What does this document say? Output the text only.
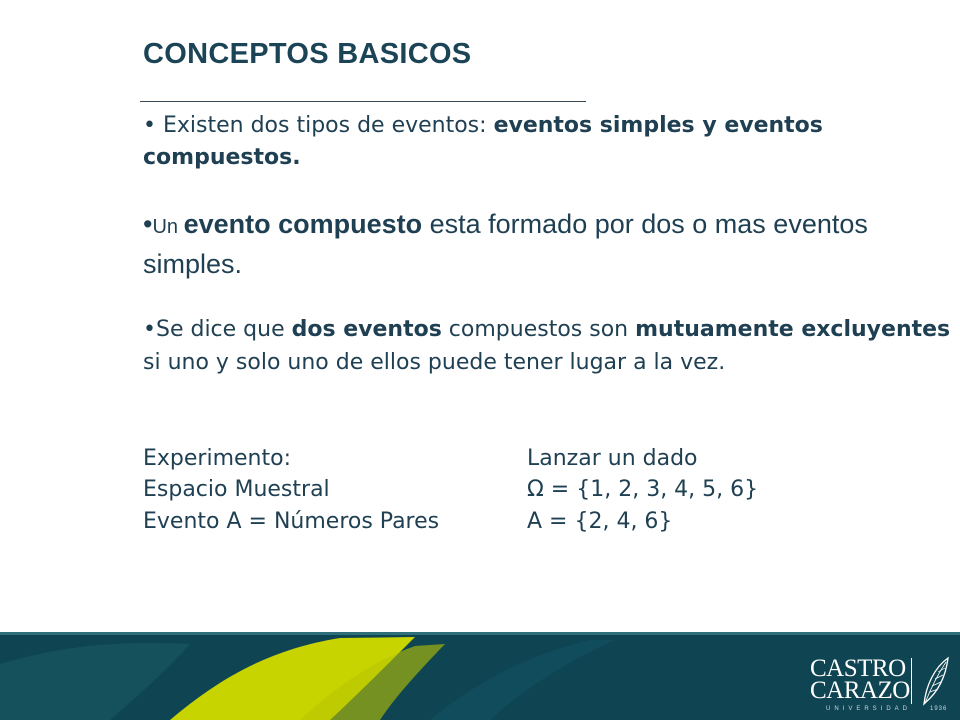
CONCEPTOS BASICOS

• Existen dos tipos de eventos: eventos simples y eventos
compuestos.

•Un evento compuesto esta formado por dos o mas eventos simples.

•Se dice que dos eventos compuestos son mutuamente excluyentes si uno y solo uno de ellos puede tener lugar a la vez.

Experimento:	Lanzar un dado
Espacio Muestral	Ω = {1, 2, 3, 4, 5, 6}
Evento A = Números Pares	A = {2, 4, 6}
CASTRO
CARAZO
UNIVERSIDAD	1936
